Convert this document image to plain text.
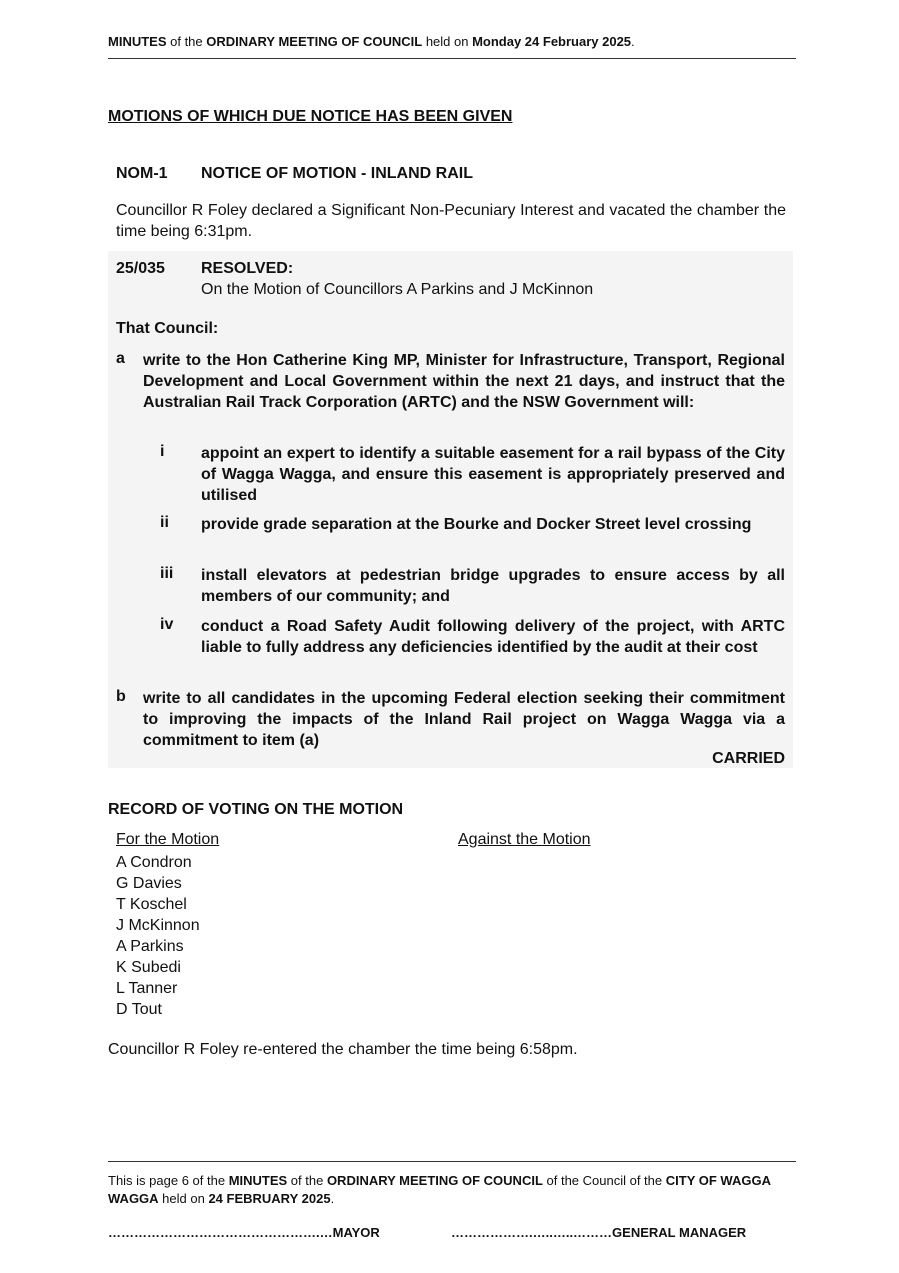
MINUTES of the ORDINARY MEETING OF COUNCIL held on Monday 24 February 2025.
MOTIONS OF WHICH DUE NOTICE HAS BEEN GIVEN
NOM-1 NOTICE OF MOTION - INLAND RAIL
Councillor R Foley declared a Significant Non-Pecuniary Interest and vacated the chamber the time being 6:31pm.
25/035 RESOLVED:
On the Motion of Councillors A Parkins and J McKinnon
That Council:
a write to the Hon Catherine King MP, Minister for Infrastructure, Transport, Regional Development and Local Government within the next 21 days, and instruct that the Australian Rail Track Corporation (ARTC) and the NSW Government will:
i appoint an expert to identify a suitable easement for a rail bypass of the City of Wagga Wagga, and ensure this easement is appropriately preserved and utilised
ii provide grade separation at the Bourke and Docker Street level crossing
iii install elevators at pedestrian bridge upgrades to ensure access by all members of our community; and
iv conduct a Road Safety Audit following delivery of the project, with ARTC liable to fully address any deficiencies identified by the audit at their cost
b write to all candidates in the upcoming Federal election seeking their commitment to improving the impacts of the Inland Rail project on Wagga Wagga via a commitment to item (a)
CARRIED
RECORD OF VOTING ON THE MOTION
For the Motion	Against the Motion
A Condron
G Davies
T Koschel
J McKinnon
A Parkins
K Subedi
L Tanner
D Tout
Councillor R Foley re-entered the chamber the time being 6:58pm.
This is page 6 of the MINUTES of the ORDINARY MEETING OF COUNCIL of the Council of the CITY OF WAGGA WAGGA held on 24 FEBRUARY 2025.
………………………………………….…MAYOR	……………….…..…..………GENERAL MANAGER
